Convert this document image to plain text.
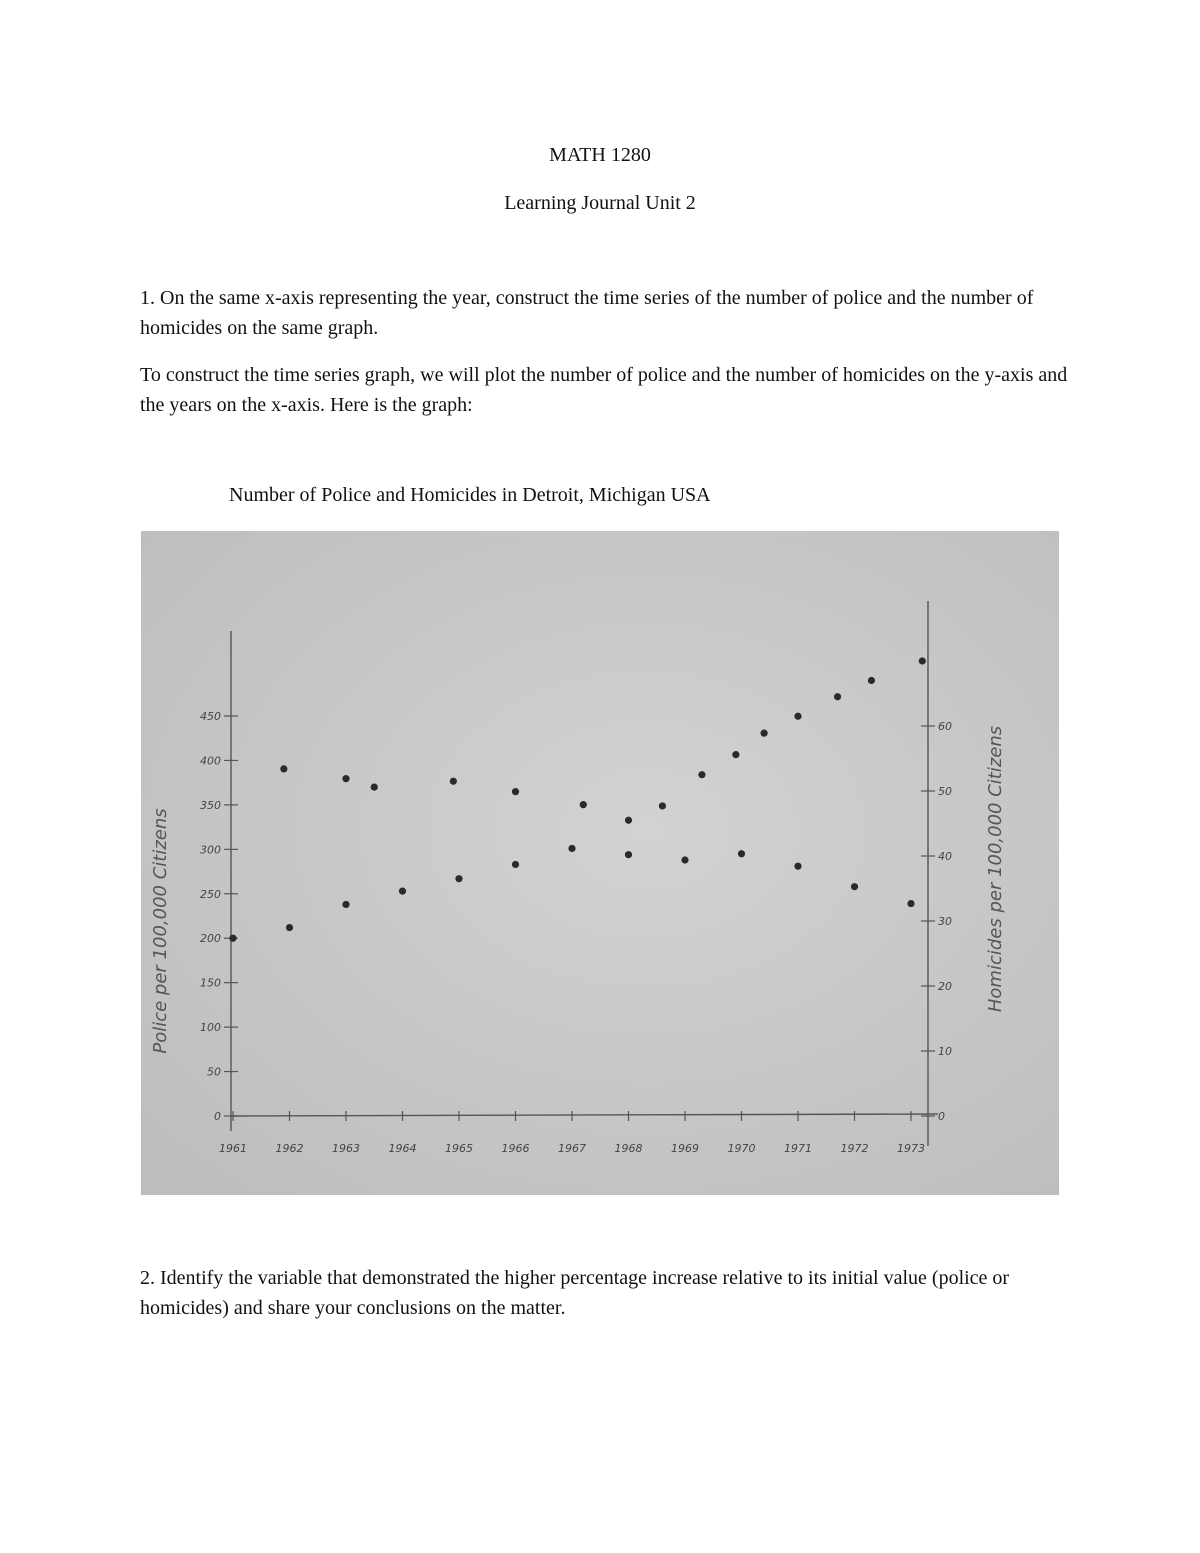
MATH 1280
Learning Journal Unit 2

1. On the same x-axis representing the year, construct the time series of the number of police and the number of homicides on the same graph.

To construct the time series graph, we will plot the number of police and the number of homicides on the y-axis and the years on the x-axis. Here is the graph:

Number of Police and Homicides in Detroit, Michigan USA
0
50
100
150
200
250
300
350
400
450
0
10
20
30
40
50
60
1961	1962	1963	1964	1965	1966	1967	1968	1969	1970	1971	1972	1973
Police per 100,000 Citizens	Homicides per 100,000 Citizens

2. Identify the variable that demonstrated the higher percentage increase relative to its initial value (police or homicides) and share your conclusions on the matter.
